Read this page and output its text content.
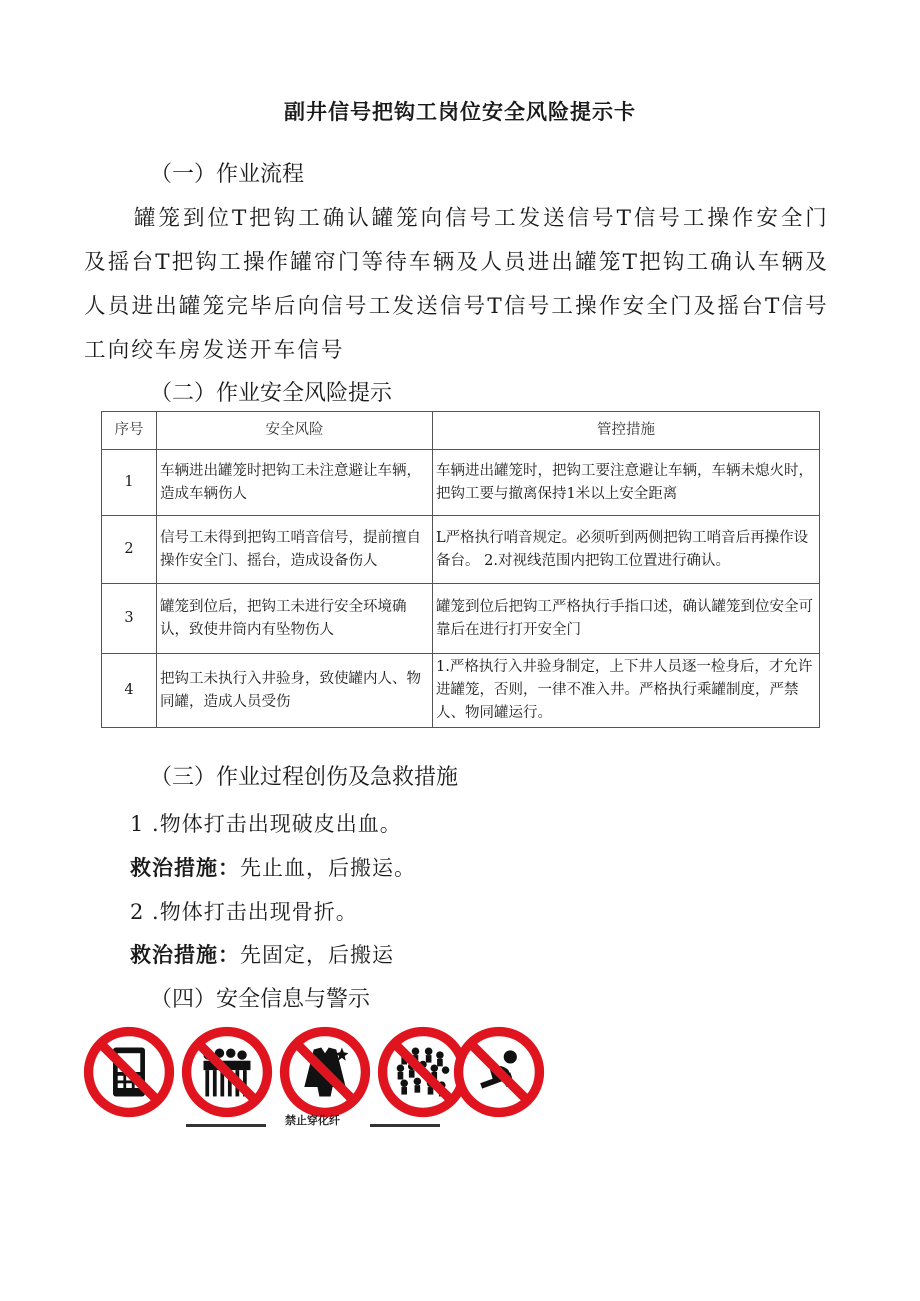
副井信号把钩工岗位安全风险提示卡
（一）作业流程
罐笼到位T把钩工确认罐笼向信号工发送信号T信号工操作安全门及摇台T把钩工操作罐帘门等待车辆及人员进出罐笼T把钩工确认车辆及人员进出罐笼完毕后向信号工发送信号T信号工操作安全门及摇台T信号工向绞车房发送开车信号
（二）作业安全风险提示
序号	安全风险	管控措施
1	车辆进出罐笼时把钩工未注意避让车辆，造成车辆伤人	车辆进出罐笼时，把钩工要注意避让车辆，车辆未熄火时，把钩工要与撤离保持1米以上安全距离
2	信号工未得到把钩工哨音信号，提前擅自操作安全门、摇台，造成设备伤人	L严格执行哨音规定。必须听到两侧把钩工哨音后再操作设备台。 2.对视线范围内把钩工位置进行确认。
3	罐笼到位后，把钩工未进行安全环境确认，致使井筒内有坠物伤人	罐笼到位后把钩工严格执行手指口述，确认罐笼到位安全可靠后在进行打开安全门
4	把钩工未执行入井验身，致使罐内人、物同罐，造成人员受伤	1.严格执行入井验身制定，上下井人员逐一检身后，才允许进罐笼，否则，一律不准入井。严格执行乘罐制度，严禁人、物同罐运行。
（三）作业过程创伤及急救措施
1 .物体打击出现破皮出血。
救治措施：先止血，后搬运。
2 .物体打击出现骨折。
救治措施：先固定，后搬运
（四）安全信息与警示
禁止穿化纤
